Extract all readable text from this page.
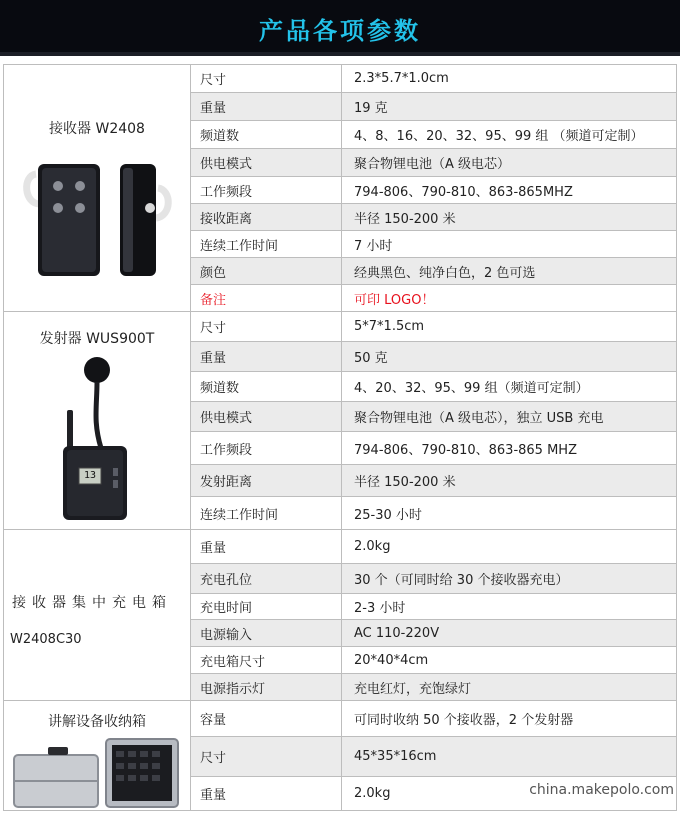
产品各项参数
接收器 W2408	尺寸	2.3*5.7*1.0cm
	重量	19 克
	频道数	4、8、16、20、32、95、99 组 （频道可定制）
	供电模式	聚合物锂电池（A 级电芯）
	工作频段	794-806、790-810、863-865MHZ
	接收距离	半径 150-200 米
	连续工作时间	7 小时
	颜色	经典黑色、纯净白色，2 色可选
	备注	可印 LOGO！

发射器 WUS900T
13	尺寸	5*7*1.5cm
	重量	50 克
	频道数	4、20、32、95、99 组（频道可定制）
	供电模式	聚合物锂电池（A 级电芯），独立 USB 充电
	工作频段	794-806、790-810、863-865 MHZ
	发射距离	半径 150-200 米
	连续工作时间	25-30 小时

接收器集中充电箱
W2408C30	重量	2.0kg
	充电孔位	30 个（可同时给 30 个接收器充电）
	充电时间	2-3 小时
	电源输入	AC 110-220V
	充电箱尺寸	20*40*4cm
	电源指示灯	充电红灯，充饱绿灯

讲解设备收纳箱	容量	可同时收纳 50 个接收器，2 个发射器
	尺寸	45*35*16cm
	重量	2.0kg	china.makepolo.com
